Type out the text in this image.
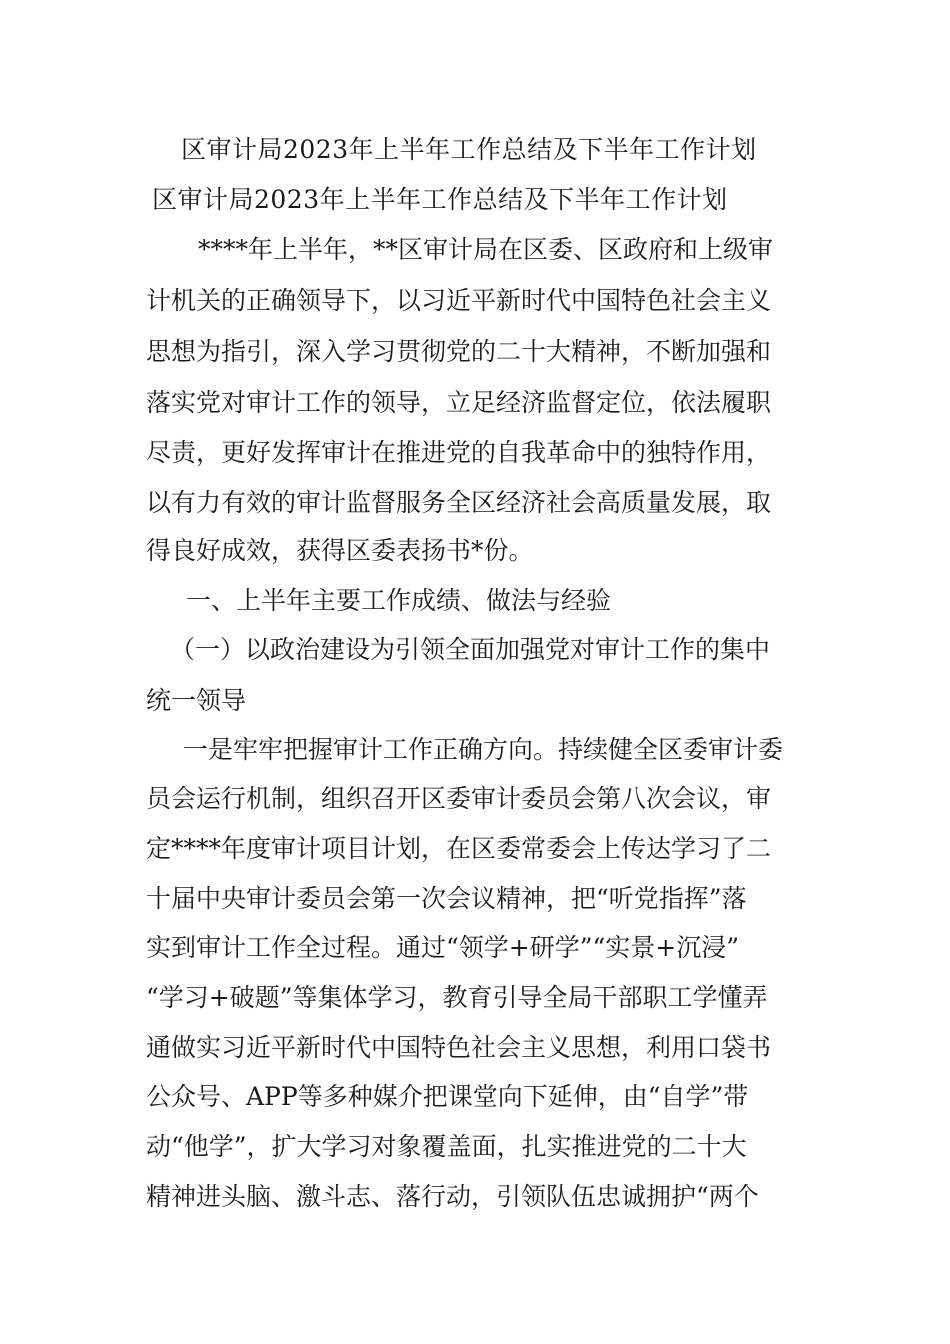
区审计局2023年上半年工作总结及下半年工作计划
区审计局2023年上半年工作总结及下半年工作计划
****年上半年，**区审计局在区委、区政府和上级审
计机关的正确领导下，以习近平新时代中国特色社会主义
思想为指引，深入学习贯彻党的二十大精神，不断加强和
落实党对审计工作的领导，立足经济监督定位，依法履职
尽责，更好发挥审计在推进党的自我革命中的独特作用，
以有力有效的审计监督服务全区经济社会高质量发展，取
得良好成效，获得区委表扬书*份。
一、上半年主要工作成绩、做法与经验
（一）以政治建设为引领全面加强党对审计工作的集中
统一领导
一是牢牢把握审计工作正确方向。持续健全区委审计委
员会运行机制，组织召开区委审计委员会第八次会议，审
定****年度审计项目计划，在区委常委会上传达学习了二
十届中央审计委员会第一次会议精神，把“听党指挥”落
实到审计工作全过程。通过“领学+研学”“实景+沉浸”
“学习+破题”等集体学习，教育引导全局干部职工学懂弄
通做实习近平新时代中国特色社会主义思想，利用口袋书
公众号、APP等多种媒介把课堂向下延伸，由“自学”带
动“他学”，扩大学习对象覆盖面，扎实推进党的二十大
精神进头脑、激斗志、落行动，引领队伍忠诚拥护“两个
